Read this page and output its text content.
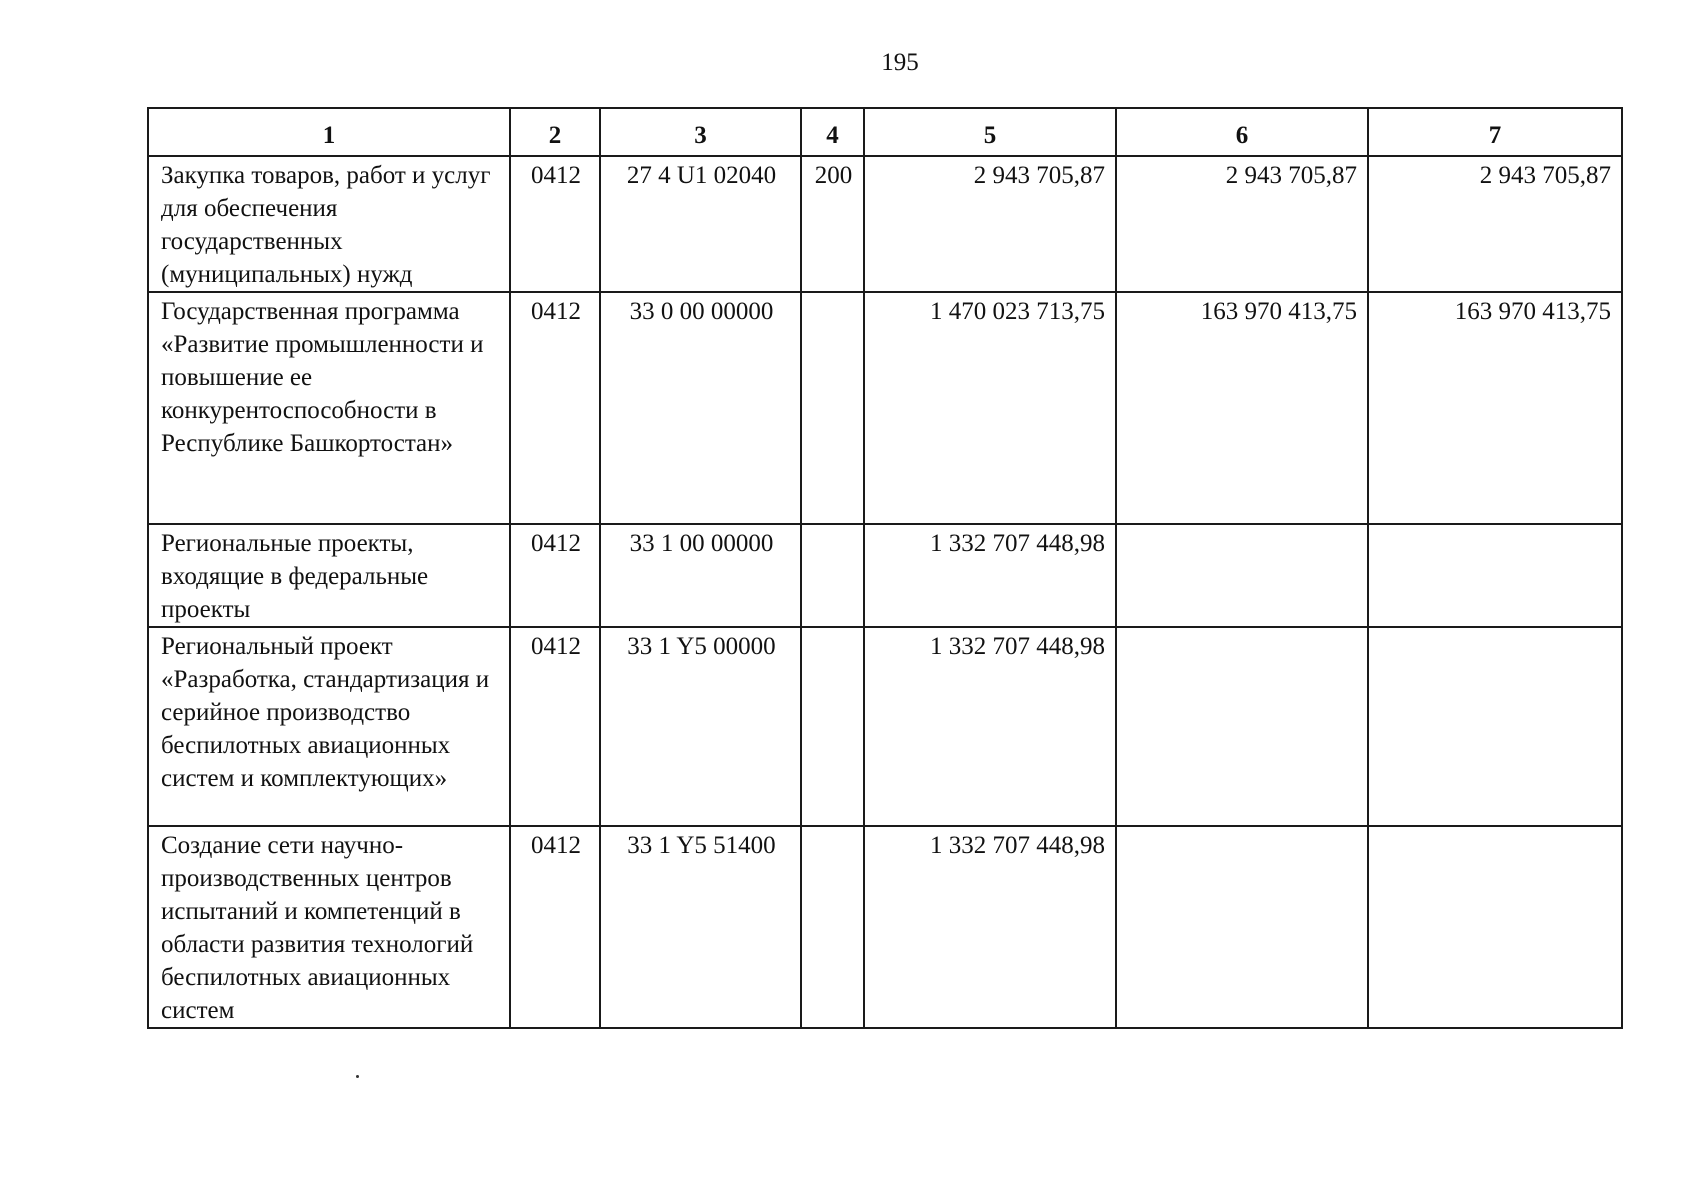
195
1	2	3	4	5	6	7
Закупка товаров, работ и услуг для обеспечения государственных (муниципальных) нужд	0412	27 4 U1 02040	200	2 943 705,87	2 943 705,87	2 943 705,87
Государственная программа «Развитие промышленности и повышение ее конкурентоспособности в Республике Башкортостан»	0412	33 0 00 00000		1 470 023 713,75	163 970 413,75	163 970 413,75
Региональные проекты, входящие в федеральные проекты	0412	33 1 00 00000		1 332 707 448,98		
Региональный проект «Разработка, стандартизация и серийное производство беспилотных авиационных систем и комплектующих»	0412	33 1 Y5 00000		1 332 707 448,98		
Создание сети научно-производственных центров испытаний и компетенций в области развития технологий беспилотных авиационных систем	0412	33 1 Y5 51400		1 332 707 448,98		
